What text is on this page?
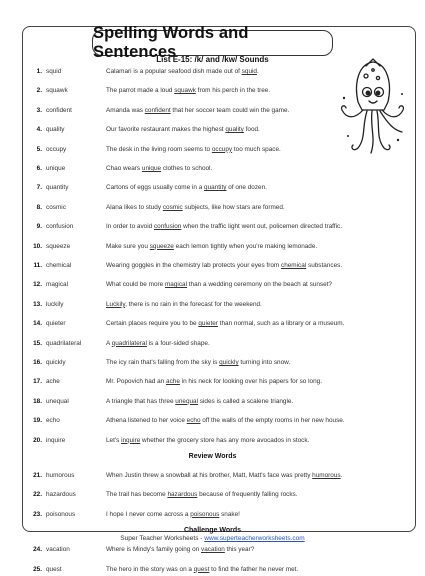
Spelling Words and Sentences
List E-15: /k/ and /kw/ Sounds
1. squid	Calamari is a popular seafood dish made out of squid.
2. squawk	The parrot made a loud squawk from his perch in the tree.
3. confident	Amanda was confident that her soccer team could win the game.
4. quality	Our favorite restaurant makes the highest quality food.
5. occupy	The desk in the living room seems to occupy too much space.
6. unique	Chao wears unique clothes to school.
7. quantity	Cartons of eggs usually come in a quantity of one dozen.
8. cosmic	Alana likes to study cosmic subjects, like how stars are formed.
9. confusion	In order to avoid confusion when the traffic light went out, policemen directed traffic.
10. squeeze	Make sure you squeeze each lemon tightly when you're making lemonade.
11. chemical	Wearing goggles in the chemistry lab protects your eyes from chemical substances.
12. magical	What could be more magical than a wedding ceremony on the beach at sunset?
13. luckily	Luckily, there is no rain in the forecast for the weekend.
14. quieter	Certain places require you to be quieter than normal, such as a library or a museum.
15. quadrilateral	A quadrilateral is a four-sided shape.
16. quickly	The icy rain that's falling from the sky is quickly turning into snow.
17. ache	Mr. Popovich had an ache in his neck for looking over his papers for so long.
18. unequal	A triangle that has three unequal sides is called a scalene triangle.
19. echo	Athena listened to her voice echo off the walls of the empty rooms in her new house.
20. inquire	Let's inquire whether the grocery store has any more avocados in stock.
Review Words
21. humorous	When Justin threw a snowball at his brother, Matt, Matt's face was pretty humorous.
22. hazardous	The trail has become hazardous because of frequently falling rocks.
23. poisonous	I hope I never come across a poisonous snake!
Challenge Words
24. vacation	Where is Mindy's family going on vacation this year?
25. quest	The hero in the story was on a quest to find the father he never met.
Super Teacher Worksheets - www.superteacherworksheets.com
